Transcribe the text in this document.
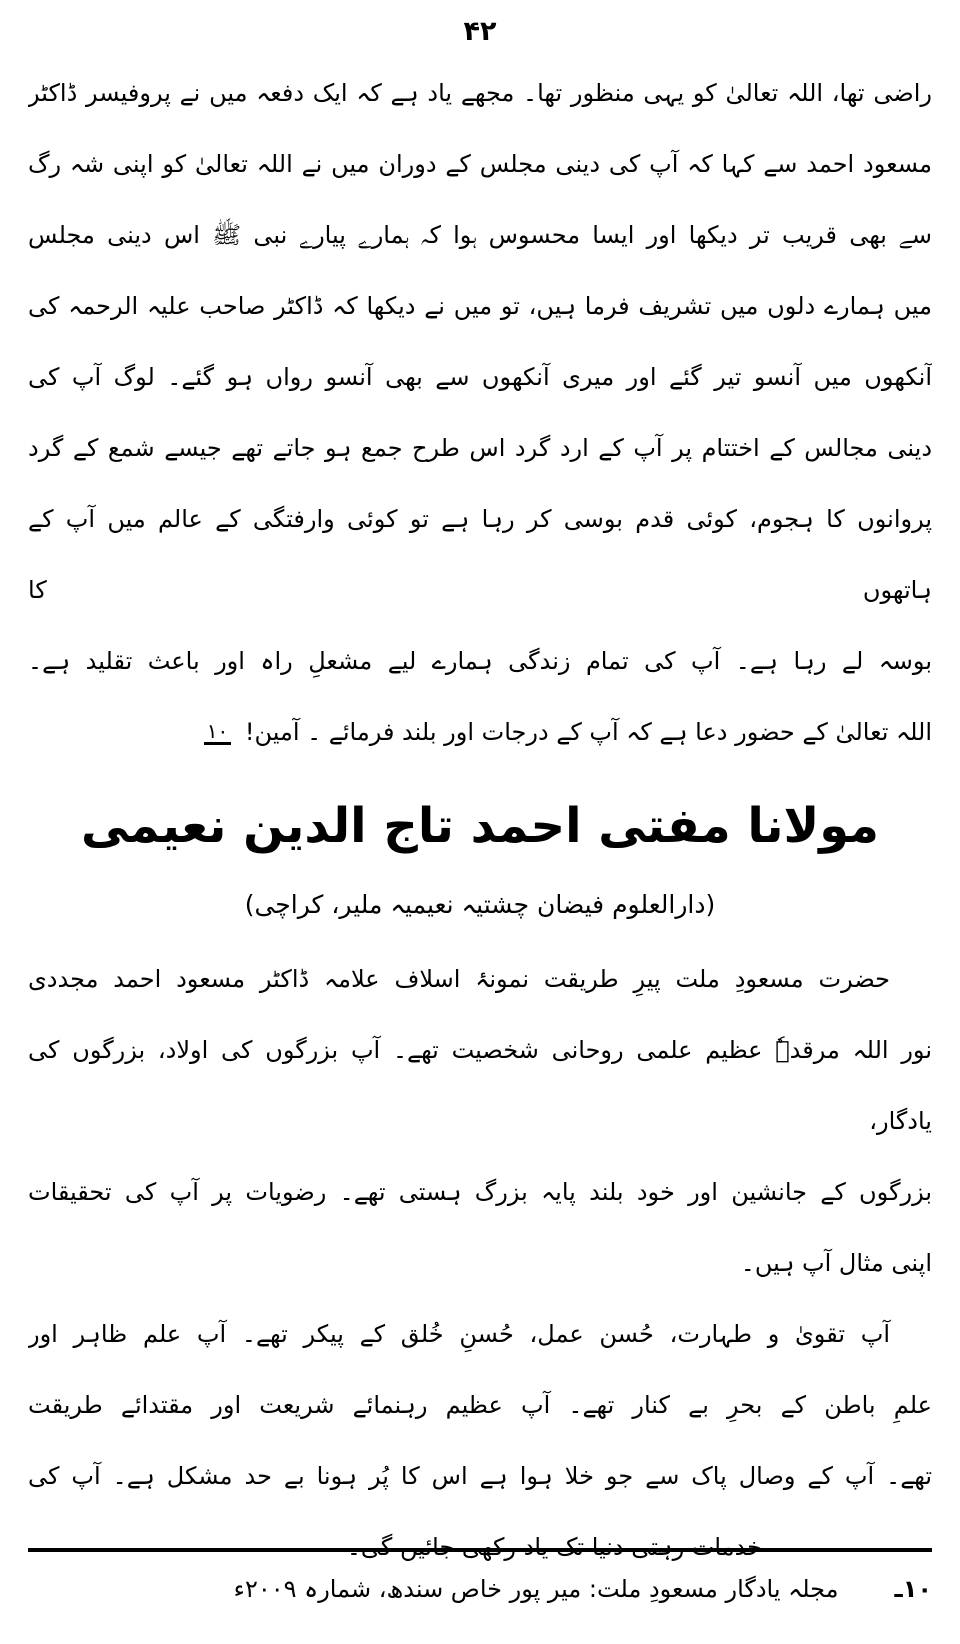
۴۲
راضی تھا، اللہ تعالیٰ کو یہی منظور تھا۔ مجھے یاد ہے کہ ایک دفعہ میں نے پروفیسر ڈاکٹر
مسعود احمد سے کہا کہ آپ کی دینی مجلس کے دوران میں نے اللہ تعالیٰ کو اپنی شہ رگ
سے بھی قریب تر دیکھا اور ایسا محسوس ہوا کہ ہمارے پیارے نبی ﷺ اس دینی مجلس
میں ہمارے دلوں میں تشریف فرما ہیں، تو میں نے دیکھا کہ ڈاکٹر صاحب علیہ الرحمہ کی
آنکھوں میں آنسو تیر گئے اور میری آنکھوں سے بھی آنسو رواں ہو گئے۔ لوگ آپ کی
دینی مجالس کے اختتام پر آپ کے ارد گرد اس طرح جمع ہو جاتے تھے جیسے شمع کے گرد
پروانوں کا ہجوم، کوئی قدم بوسی کر رہا ہے تو کوئی وارفتگی کے عالم میں آپ کے ہاتھوں کا
بوسہ لے رہا ہے۔ آپ کی تمام زندگی ہمارے لیے مشعلِ راہ اور باعث تقلید ہے۔
اللہ تعالیٰ کے حضور دعا ہے کہ آپ کے درجات اور بلند فرمائے ۔ آمین! ۱۰
مولانا مفتی احمد تاج الدین نعیمی
(دارالعلوم فیضان چشتیہ نعیمیہ ملیر، کراچی)
حضرت مسعودِ ملت پیرِ طریقت نمونۂ اسلاف علامہ ڈاکٹر مسعود احمد مجددی
نور اللہ مرقدہٗ عظیم علمی روحانی شخصیت تھے۔ آپ بزرگوں کی اولاد، بزرگوں کی یادگار،
بزرگوں کے جانشین اور خود بلند پایہ بزرگ ہستی تھے۔ رضویات پر آپ کی تحقیقات
اپنی مثال آپ ہیں۔
آپ تقویٰ و طہارت، حُسن عمل، حُسنِ خُلق کے پیکر تھے۔ آپ علم ظاہر اور
علمِ باطن کے بحرِ بے کنار تھے۔ آپ عظیم رہنمائے شریعت اور مقتدائے طریقت
تھے۔ آپ کے وصال پاک سے جو خلا ہوا ہے اس کا پُر ہونا بے حد مشکل ہے۔ آپ کی
خدمات رہتی دنیا تک یاد رکھی جائیں گی۔
۱۰ـ
مجلہ یادگار مسعودِ ملت: میر پور خاص سندھ، شمارہ ۲۰۰۹ء
